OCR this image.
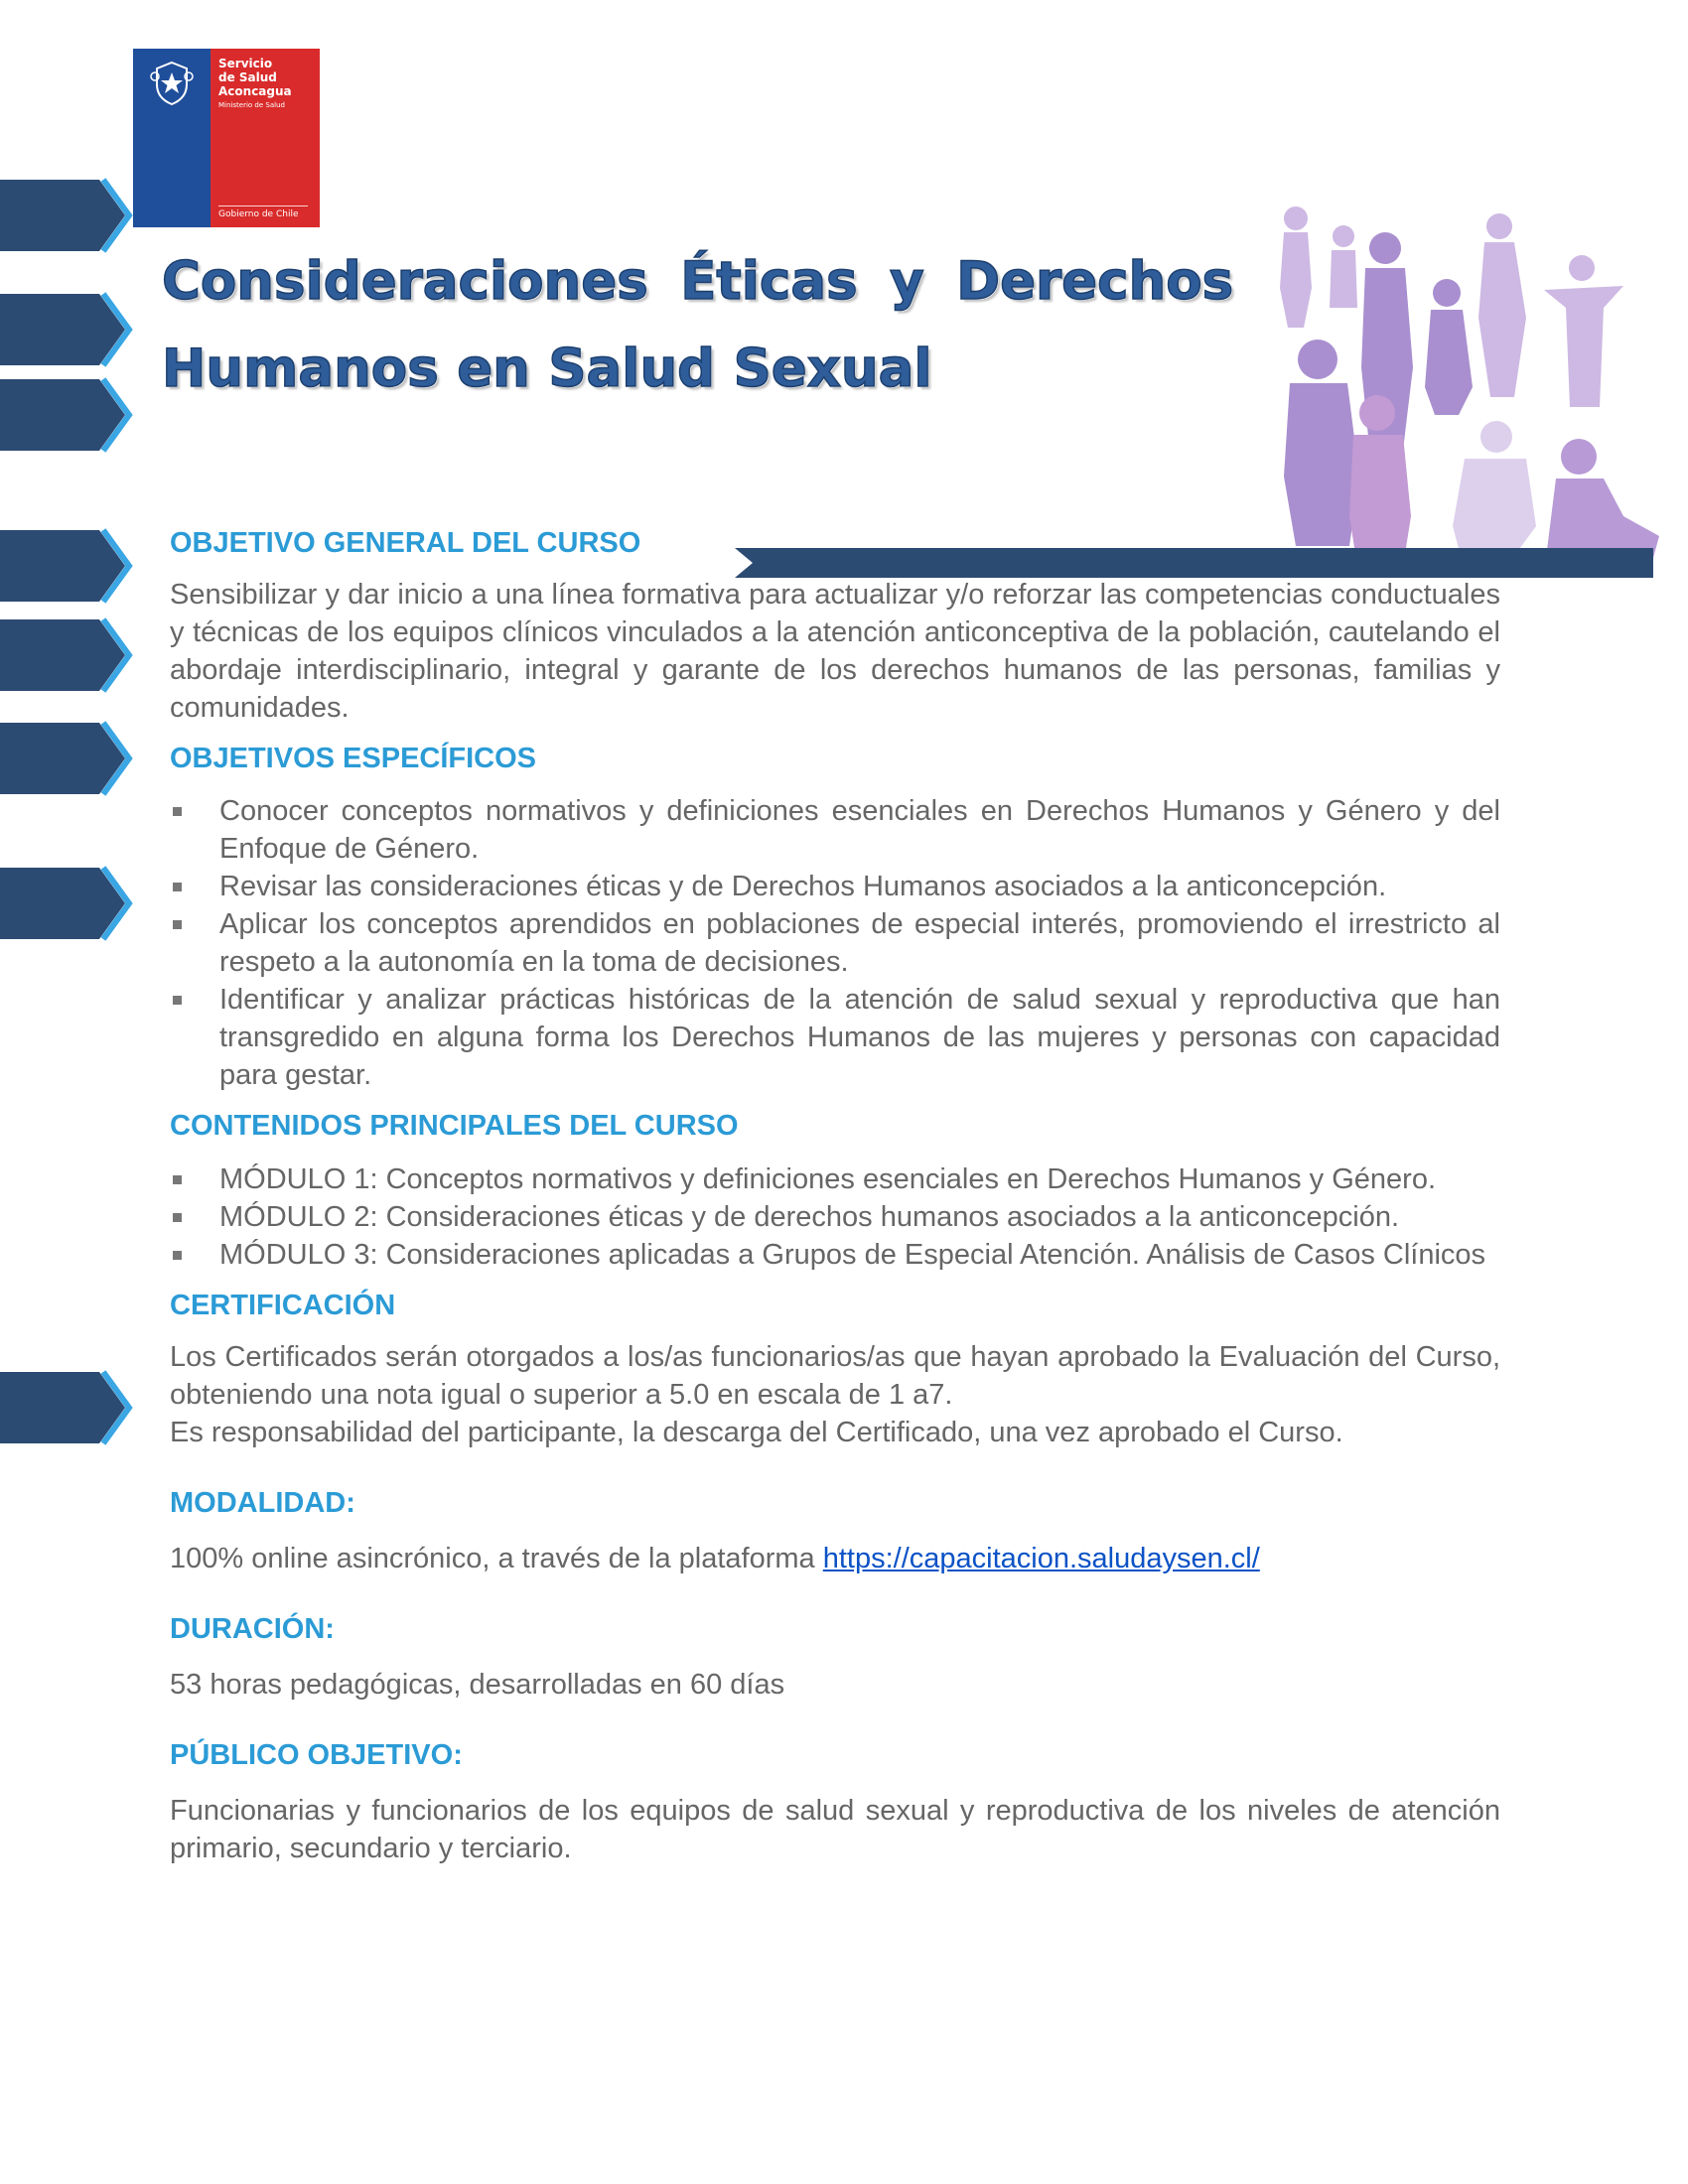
Servicio
de Salud
Aconcagua
Ministerio de Salud
Gobierno de Chile
Consideraciones Éticas y Derechos
Humanos en Salud Sexual
OBJETIVO GENERAL DEL CURSO

Sensibilizar y dar inicio a una línea formativa para actualizar y/o reforzar las competencias conductuales y técnicas de los equipos clínicos vinculados a la atención anticonceptiva de la población, cautelando el abordaje interdisciplinario, integral y garante de los derechos humanos de las personas, familias y comunidades.

OBJETIVOS ESPECÍFICOS
Conocer conceptos normativos y definiciones esenciales en Derechos Humanos y Género y del Enfoque de Género.
Revisar las consideraciones éticas y de Derechos Humanos asociados a la anticoncepción.
Aplicar los conceptos aprendidos en poblaciones de especial interés, promoviendo el irrestricto al respeto a la autonomía en la toma de decisiones.
Identificar y analizar prácticas históricas de la atención de salud sexual y reproductiva que han transgredido en alguna forma los Derechos Humanos de las mujeres y personas con capacidad para gestar.
CONTENIDOS PRINCIPALES DEL CURSO
MÓDULO 1: Conceptos normativos y definiciones esenciales en Derechos Humanos y Género.
MÓDULO 2: Consideraciones éticas y de derechos humanos asociados a la anticoncepción.
MÓDULO 3: Consideraciones aplicadas a Grupos de Especial Atención. Análisis de Casos Clínicos
CERTIFICACIÓN

Los Certificados serán otorgados a los/as funcionarios/as que hayan aprobado la Evaluación del Curso, obteniendo una nota igual o superior a 5.0 en escala de 1 a7.

Es responsabilidad del participante, la descarga del Certificado, una vez aprobado el Curso.

MODALIDAD:

100% online asincrónico, a través de la plataforma https://capacitacion.saludaysen.cl/

DURACIÓN:

53 horas pedagógicas, desarrolladas en 60 días

PÚBLICO OBJETIVO:

Funcionarias y funcionarios de los equipos de salud sexual y reproductiva de los niveles de atención primario, secundario y terciario.
